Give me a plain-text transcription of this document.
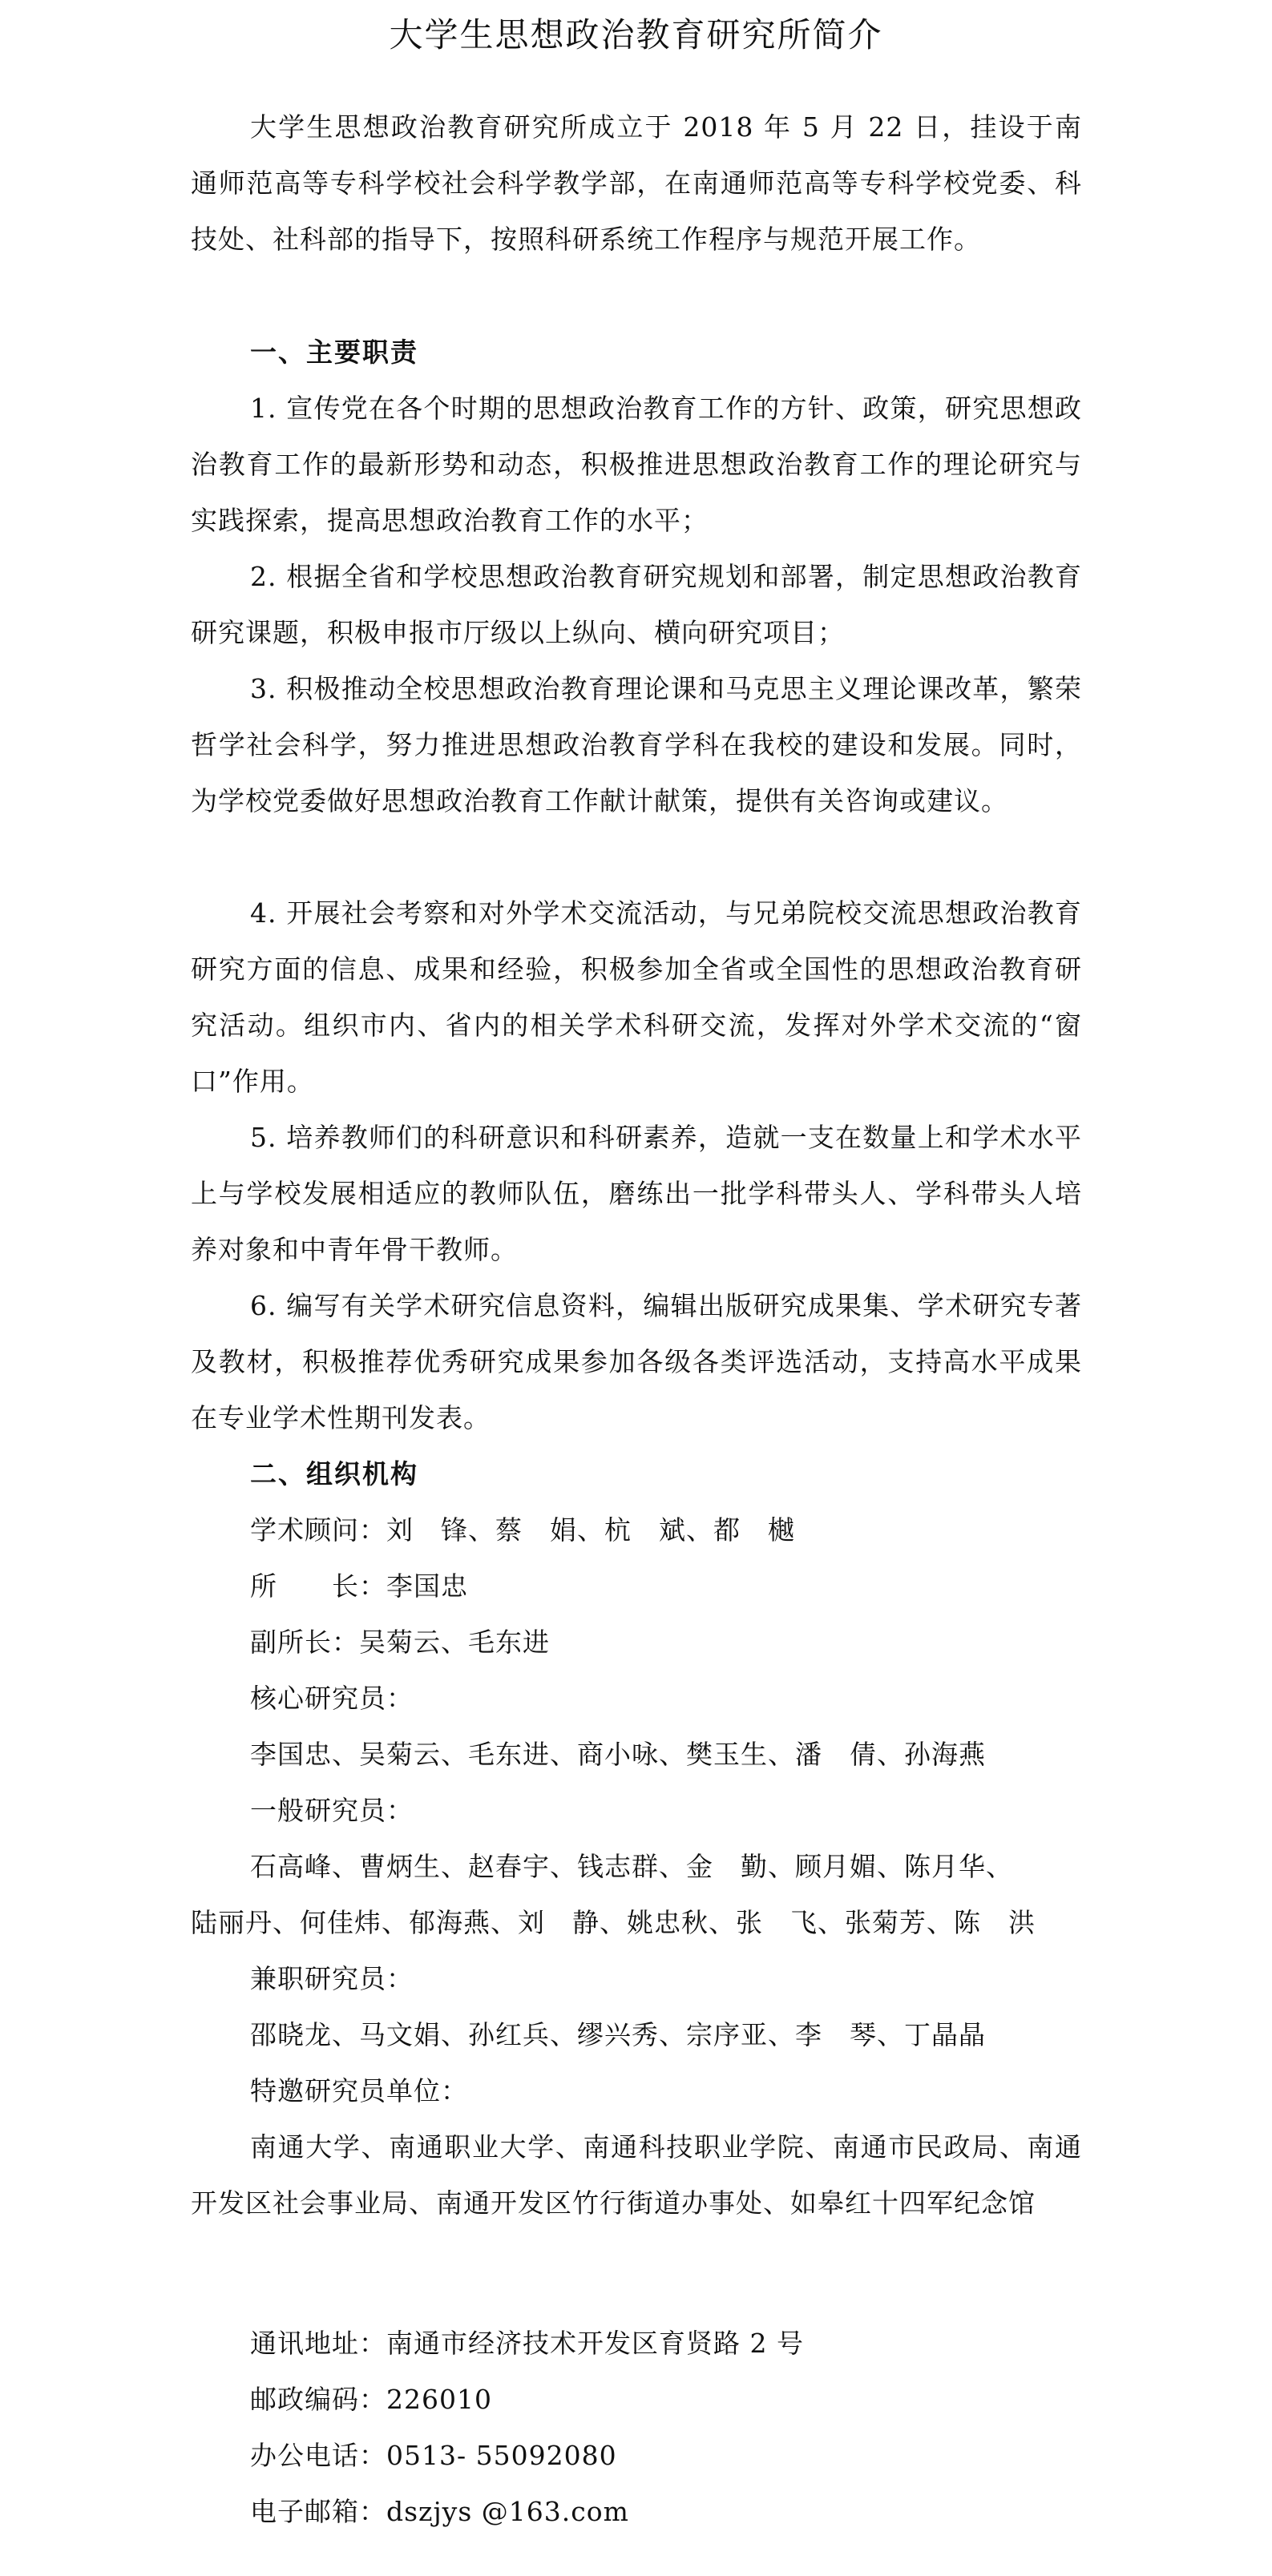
大学生思想政治教育研究所简介
大学生思想政治教育研究所成立于 2018 年 5 月 22 日，挂设于南通师范高等专科学校社会科学教学部，在南通师范高等专科学校党委、科技处、社科部的指导下，按照科研系统工作程序与规范开展工作。
一、主要职责
1. 宣传党在各个时期的思想政治教育工作的方针、政策，研究思想政治教育工作的最新形势和动态，积极推进思想政治教育工作的理论研究与实践探索，提高思想政治教育工作的水平；
2. 根据全省和学校思想政治教育研究规划和部署，制定思想政治教育研究课题，积极申报市厅级以上纵向、横向研究项目；
3. 积极推动全校思想政治教育理论课和马克思主义理论课改革，繁荣哲学社会科学，努力推进思想政治教育学科在我校的建设和发展。同时，为学校党委做好思想政治教育工作献计献策，提供有关咨询或建议。
4. 开展社会考察和对外学术交流活动，与兄弟院校交流思想政治教育研究方面的信息、成果和经验，积极参加全省或全国性的思想政治教育研究活动。组织市内、省内的相关学术科研交流，发挥对外学术交流的“窗口”作用。
5. 培养教师们的科研意识和科研素养，造就一支在数量上和学术水平上与学校发展相适应的教师队伍，磨练出一批学科带头人、学科带头人培养对象和中青年骨干教师。
6. 编写有关学术研究信息资料，编辑出版研究成果集、学术研究专著及教材，积极推荐优秀研究成果参加各级各类评选活动，支持高水平成果在专业学术性期刊发表。
二、组织机构
学术顾问：刘　锋、蔡　娟、杭　斌、都　樾
所　　长：李国忠
副所长：吴菊云、毛东进
核心研究员：
李国忠、吴菊云、毛东进、商小咏、樊玉生、潘　倩、孙海燕
一般研究员：
石高峰、曹炳生、赵春宇、钱志群、金　勤、顾月媚、陈月华、
陆丽丹、何佳炜、郁海燕、刘　静、姚忠秋、张　飞、张菊芳、陈　洪
兼职研究员：
邵晓龙、马文娟、孙红兵、缪兴秀、宗序亚、李　琴、丁晶晶
特邀研究员单位：
南通大学、南通职业大学、南通科技职业学院、南通市民政局、南通开发区社会事业局、南通开发区竹行街道办事处、如皋红十四军纪念馆
通讯地址：南通市经济技术开发区育贤路 2 号
邮政编码：226010
办公电话：0513- 55092080
电子邮箱：dszjys @163.com
